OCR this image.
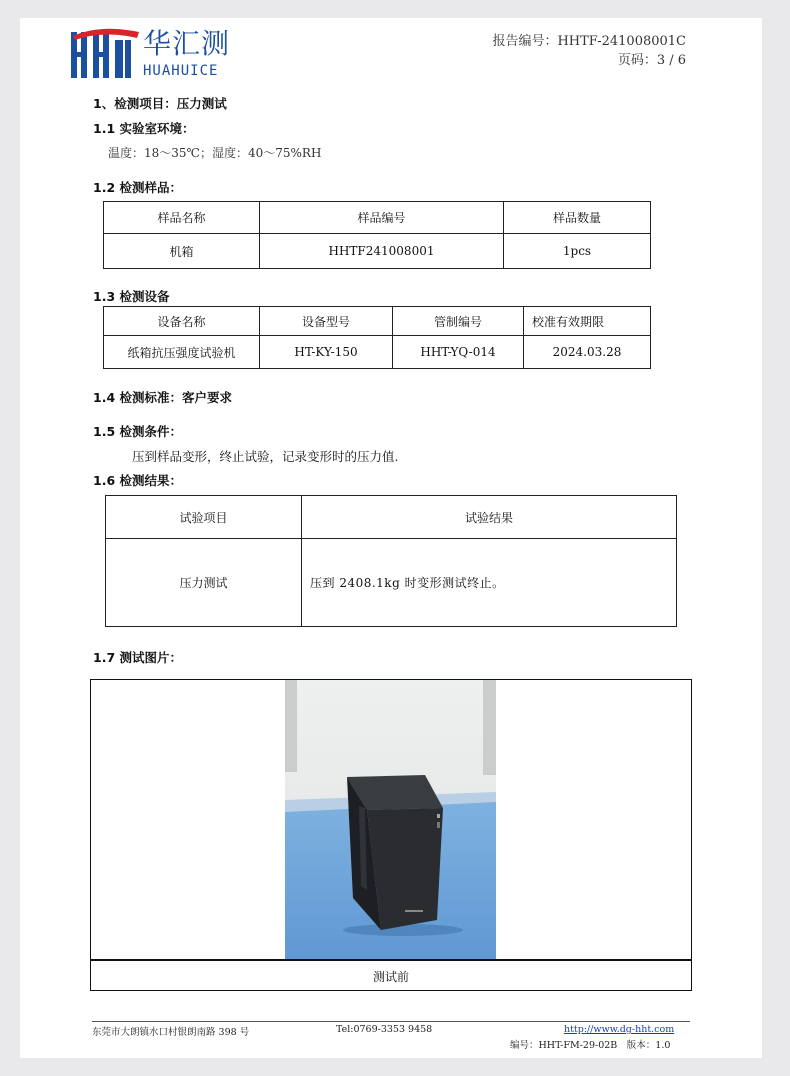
华汇测
HUAHUICE
报告编号：HHTF-241008001C
页码：3 / 6
1、检测项目：压力测试
1.1 实验室环境：
温度：18～35℃；湿度：40～75%RH
1.2 检测样品：
样品名称	样品编号	样品数量
机箱	HHTF241008001	1pcs
1.3 检测设备
设备名称	设备型号	管制编号	校准有效期限
纸箱抗压强度试验机	HT-KY-150	HHT-YQ-014	2024.03.28
1.4 检测标准：客户要求
1.5 检测条件：
压到样品变形，终止试验，记录变形时的压力值.
1.6 检测结果：
试验项目	试验结果
压力测试	压到 2408.1kg 时变形测试终止。
1.7 测试图片：
测试前
东莞市大朗镇水口村银朗南路 398 号	Tel:0769-3353 9458	http://www.dg-hht.com
编号：HHT-FM-29-02B　版本：1.0
